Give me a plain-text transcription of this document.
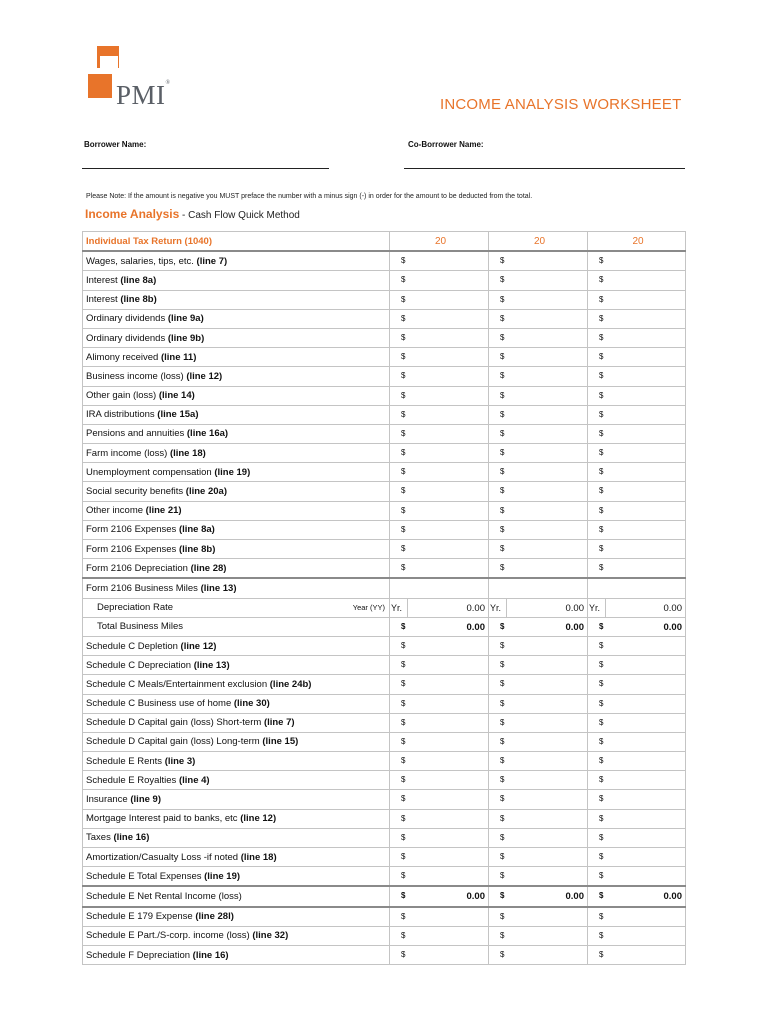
PMI®
INCOME ANALYSIS WORKSHEET
Borrower Name:	Co-Borrower Name:
Please Note: If the amount is negative you MUST preface the number with a minus sign (-) in order for the amount to be deducted from the total.
Income Analysis - Cash Flow Quick Method
Individual Tax Return (1040)	20	20	20
Wages, salaries, tips, etc. (line 7)	$	$	$

Interest (line 8a)	$	$	$

Interest (line 8b)	$	$	$

Ordinary dividends (line 9a)	$	$	$

Ordinary dividends (line 9b)	$	$	$

Alimony received (line 11)	$	$	$

Business income (loss) (line 12)	$	$	$

Other gain (loss) (line 14)	$	$	$

IRA distributions (line 15a)	$	$	$

Pensions and annuities (line 16a)	$	$	$

Farm income (loss) (line 18)	$	$	$

Unemployment compensation (line 19)	$	$	$

Social security benefits (line 20a)	$	$	$

Other income (line 21)	$	$	$

Form 2106 Expenses (line 8a)	$	$	$

Form 2106 Expenses (line 8b)	$	$	$

Form 2106 Depreciation (line 28)	$	$	$

Form 2106 Business Miles (line 13)			

Year (YY)
Depreciation Rate	Yr. 0.00	Yr. 0.00	Yr. 0.00

Total Business Miles	$ 0.00	$ 0.00	$ 0.00

Schedule C Depletion (line 12)	$	$	$

Schedule C Depreciation (line 13)	$	$	$

Schedule C Meals/Entertainment exclusion (line 24b)	$	$	$

Schedule C Business use of home (line 30)	$	$	$

Schedule D Capital gain (loss) Short-term (line 7)	$	$	$

Schedule D Capital gain (loss) Long-term (line 15)	$	$	$

Schedule E Rents (line 3)	$	$	$

Schedule E Royalties (line 4)	$	$	$

Insurance (line 9)	$	$	$

Mortgage Interest paid to banks, etc (line 12)	$	$	$

Taxes (line 16)	$	$	$

Amortization/Casualty Loss -if noted (line 18)	$	$	$

Schedule E Total Expenses (line 19)	$	$	$

Schedule E Net Rental Income (loss)	$ 0.00	$ 0.00	$ 0.00

Schedule E 179 Expense (line 28l)	$	$	$

Schedule E Part./S-corp. income (loss) (line 32)	$	$	$

Schedule F Depreciation (line 16)	$	$	$
